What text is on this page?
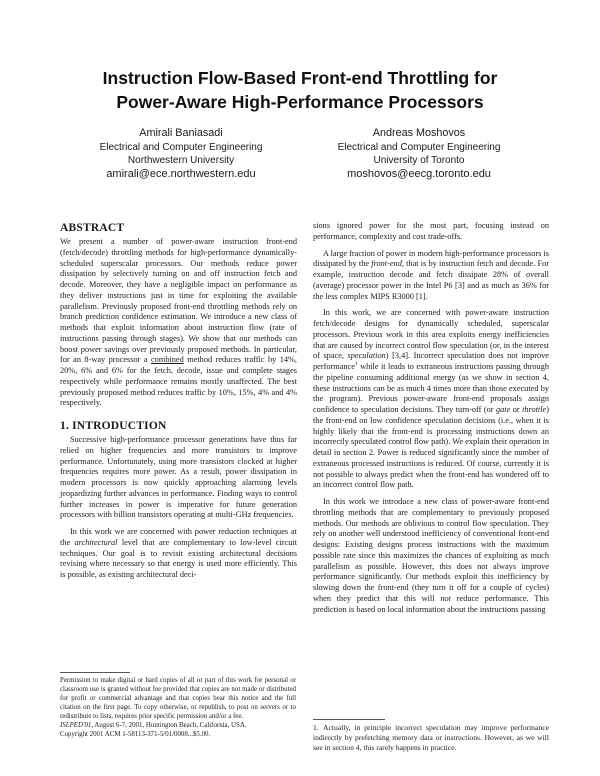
Instruction Flow-Based Front-end Throttling for
Power-Aware High-Performance Processors
Amirali Baniasadi
Electrical and Computer Engineering
Northwestern University
amirali@ece.northwestern.edu
Andreas Moshovos
Electrical and Computer Engineering
University of Toronto
moshovos@eecg.toronto.edu
ABSTRACT

We present a number of power-aware instruction front-end (fetch/decode) throttling methods for high-performance dynamically-scheduled superscalar processors. Our methods reduce power dissipation by selectively turning on and off instruction fetch and decode. Moreover, they have a negligible impact on performance as they deliver instructions just in time for exploiting the available parallelism. Previously proposed front-end throttling methods rely on branch prediction confidence estimation. We introduce a new class of methods that exploit information about instruction flow (rate of instructions passing through stages). We show that our methods can boost power savings over previously proposed methods. In particular, for an 8-way processor a combined method reduces traffic by 14%, 20%, 6% and 6% for the fetch, decode, issue and complete stages respectively while performance remains mostly unaffected. The best previously proposed method reduces traffic by 10%, 15%, 4% and 4% respectively.

1. INTRODUCTION

Successive high-performance processor generations have thus far relied on higher frequencies and more transistors to improve performance. Unfortunately, using more transistors clocked at higher frequencies requires more power. As a result, power dissipation in modern processors is now quickly approaching alarming levels jeopardizing further advances in performance. Finding ways to control further increases in power is imperative for future generation processors with billion transistors operating at multi-GHz frequencies.

In this work we are concerned with power reduction techniques at the architectural level that are complementary to low-level circuit techniques. Our goal is to revisit existing architectural decisions revising where necessary so that energy is used more efficiently. This is possible, as existing architectural deci-

Permission to make digital or hard copies of all or part of this work for personal or classroom use is granted without fee provided that copies are not made or distributed for profit or commercial advantage and that copies bear this notice and the full citation on the first page. To copy otherwise, or republish, to post on servers or to redistribute to lists, requires prior specific permission and/or a fee.
ISLPED'01, August 6-7, 2001, Huntington Beach, California, USA.
Copyright 2001 ACM 1-58113-371-5/01/0008...$5.00.

sions ignored power for the most part, focusing instead on performance, complexity and cost trade-offs.

A large fraction of power in modern high-performance processors is dissipated by the front-end, that is by instruction fetch and decode. For example, instruction decode and fetch dissipate 28% of overall (average) processor power in the Intel P6 [3] and as much as 36% for the less complex MIPS R3000 [1].

In this work, we are concerned with power-aware instruction fetch/decode designs for dynamically scheduled, superscalar processors. Previous work in this area exploits energy inefficiencies that are caused by incorrect control flow speculation (or, in the interest of space, speculation) [3,4]. Incorrect speculation does not improve performance$^1$ while it leads to extraneous instructions passing through the pipeline consuming additional energy (as we show in section 4, these instructions can be as much 4 times more than those executed by the program). Previous power-aware front-end proposals assign confidence to speculation decisions. They turn-off (or gate or throttle) the front-end on low confidence speculation decisions (i.e., when it is highly likely that the front-end is processing instructions down an incorrectly speculated control flow path). We explain their operation in detail in section 2. Power is reduced significantly since the number of extraneous processed instructions is reduced. Of course, currently it is not possible to always predict when the front-end has wondered off to an incorrect control flow path.

In this work we introduce a new class of power-aware front-end throttling methods that are complementary to previously proposed methods. Our methods are oblivious to control flow speculation. They rely on another well understood inefficiency of conventional front-end designs: Existing designs process instructions with the maximum possible rate since this maximizes the chances of exploiting as much parallelism as possible. However, this does not always improve performance significantly. Our methods exploit this inefficiency by slowing down the front-end (they turn it off for a couple of cycles) when they predict that this will not reduce performance. This prediction is based on local information about the instructions passing

1. Actually, in principle incorrect speculation may improve performance indirectly by prefetching memory data or instructions. However, as we will see in section 4, this rarely happens in practice.
